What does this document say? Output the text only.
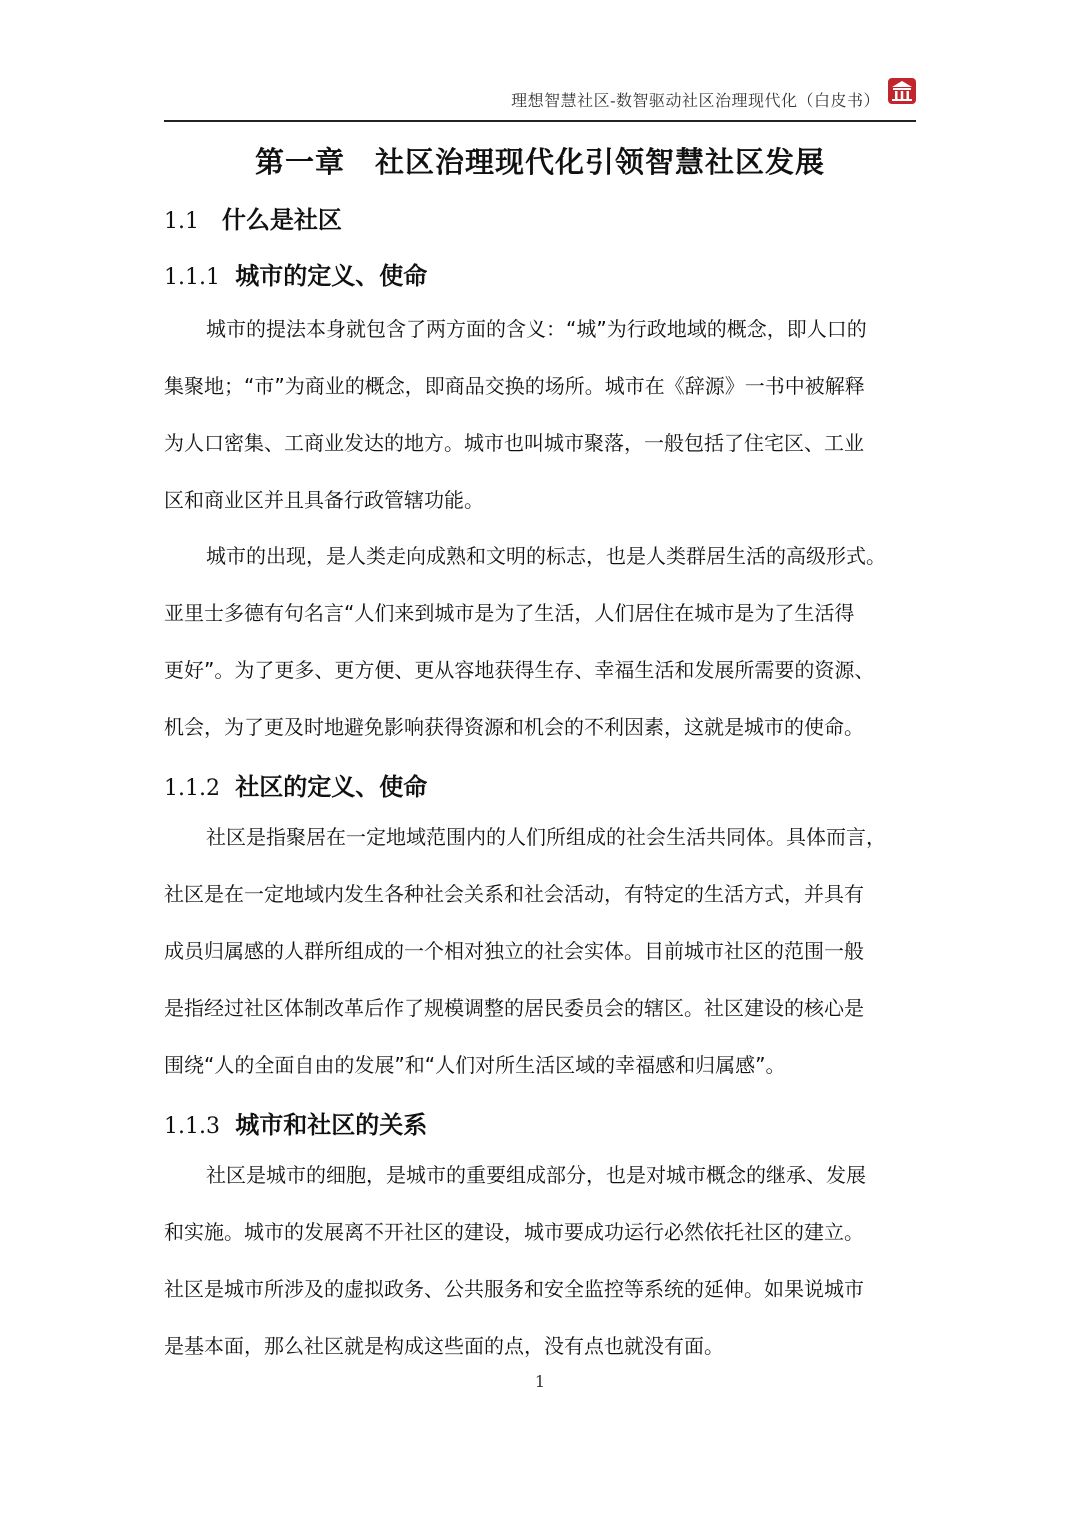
理想智慧社区-数智驱动社区治理现代化（白皮书）
第一章　社区治理现代化引领智慧社区发展
1.1 什么是社区
1.1.1 城市的定义、使命
城市的提法本身就包含了两方面的含义：“城”为行政地域的概念，即人口的
集聚地；“市”为商业的概念，即商品交换的场所。城市在《辞源》一书中被解释
为人口密集、工商业发达的地方。城市也叫城市聚落，一般包括了住宅区、工业
区和商业区并且具备行政管辖功能。
城市的出现，是人类走向成熟和文明的标志，也是人类群居生活的高级形式。
亚里士多德有句名言“人们来到城市是为了生活，人们居住在城市是为了生活得
更好”。为了更多、更方便、更从容地获得生存、幸福生活和发展所需要的资源、
机会，为了更及时地避免影响获得资源和机会的不利因素，这就是城市的使命。
1.1.2 社区的定义、使命
社区是指聚居在一定地域范围内的人们所组成的社会生活共同体。具体而言，
社区是在一定地域内发生各种社会关系和社会活动，有特定的生活方式，并具有
成员归属感的人群所组成的一个相对独立的社会实体。目前城市社区的范围一般
是指经过社区体制改革后作了规模调整的居民委员会的辖区。社区建设的核心是
围绕“人的全面自由的发展”和“人们对所生活区域的幸福感和归属感”。
1.1.3 城市和社区的关系
社区是城市的细胞，是城市的重要组成部分，也是对城市概念的继承、发展
和实施。城市的发展离不开社区的建设，城市要成功运行必然依托社区的建立。
社区是城市所涉及的虚拟政务、公共服务和安全监控等系统的延伸。如果说城市
是基本面，那么社区就是构成这些面的点，没有点也就没有面。
1
